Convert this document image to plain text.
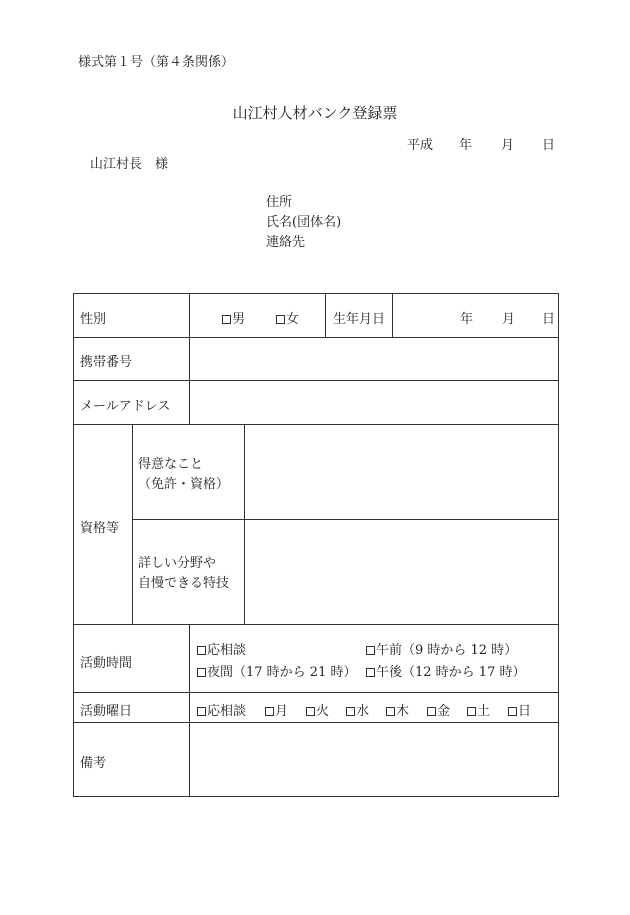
様式第１号（第４条関係）
山江村人材バンク登録票
平成 年 月 日
山江村長　様
住所
氏名(団体名)
連絡先
性別	男	女	生年月日	年 月 日
携帯番号
メールアドレス
資格等
得意なこと
（免許・資格）
詳しい分野や
自慢できる特技
活動時間
応相談	午前（9 時から 12 時）
夜間（17 時から 21 時）	午後（12 時から 17 時）
活動曜日	応相談	月	火	水	木	金	土	日
備考
